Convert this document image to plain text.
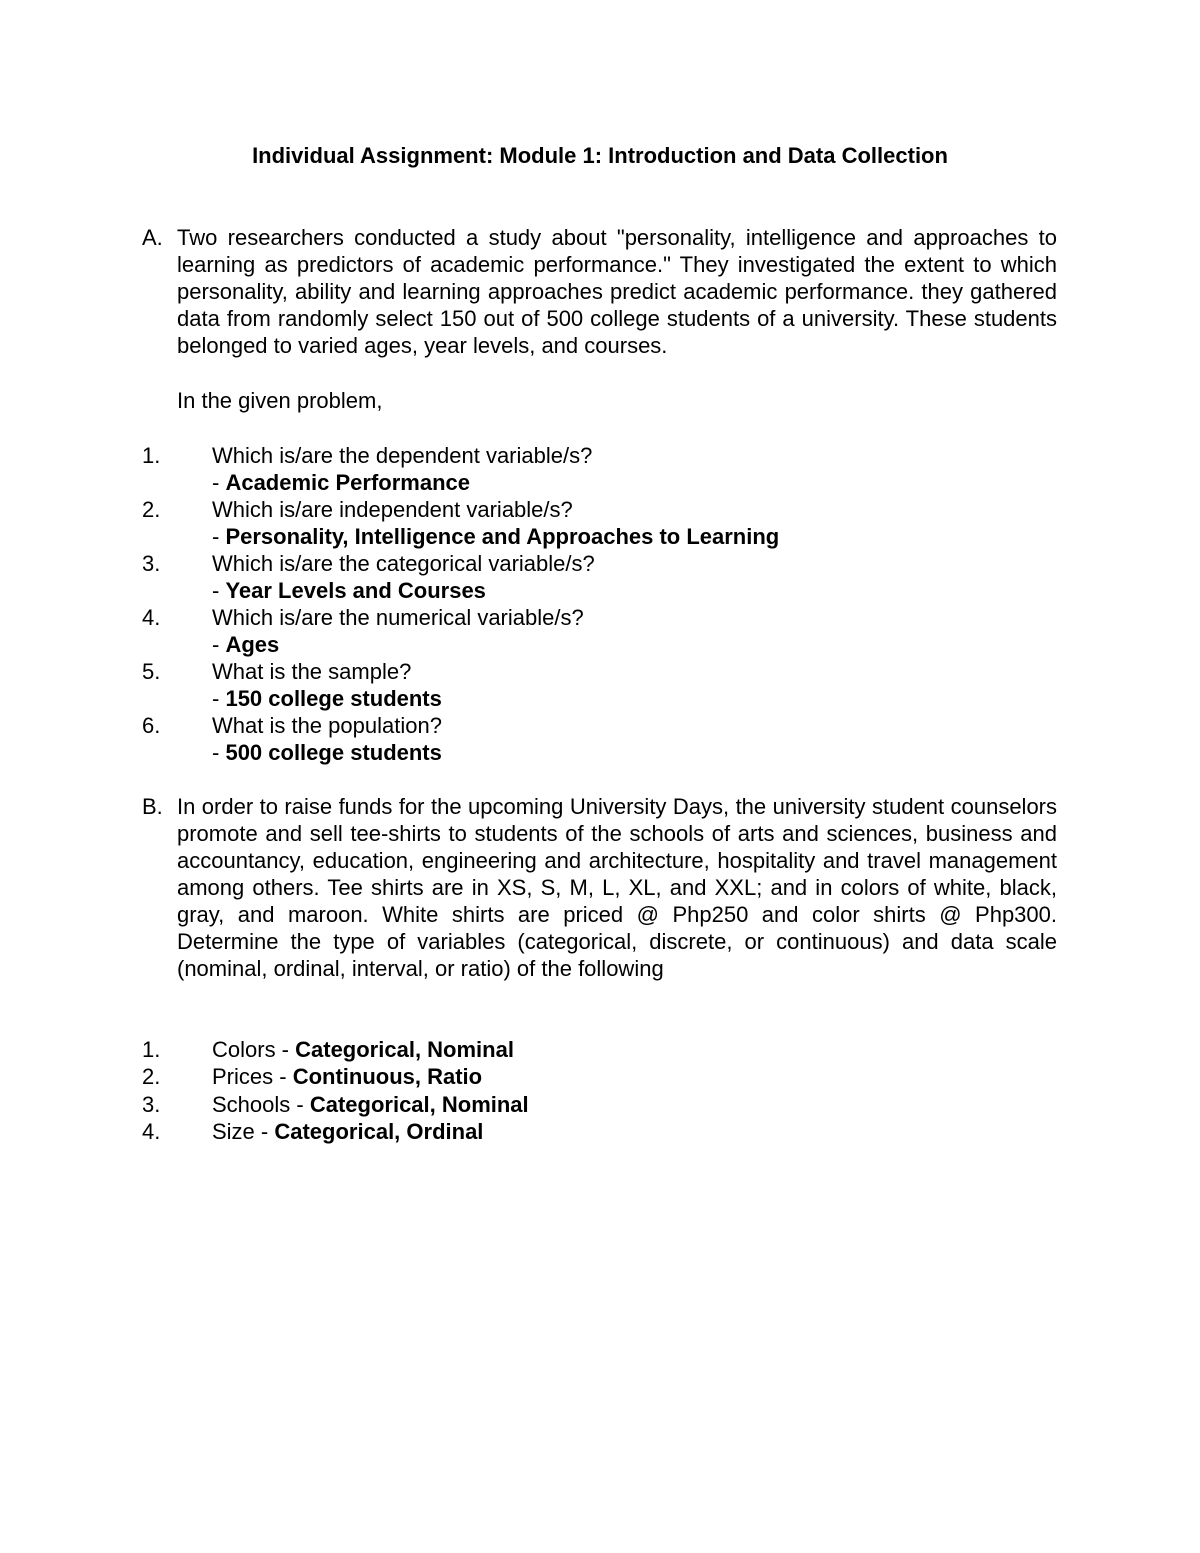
Individual Assignment: Module 1: Introduction and Data Collection
A. Two researchers conducted a study about "personality, intelligence and approaches to learning as predictors of academic performance." They investigated the extent to which personality, ability and learning approaches predict academic performance. they gathered data from randomly select 150 out of 500 college students of a university. These students belonged to varied ages, year levels, and courses.
In the given problem,
1. Which is/are the dependent variable/s?
- Academic Performance
2. Which is/are independent variable/s?
- Personality, Intelligence and Approaches to Learning
3. Which is/are the categorical variable/s?
- Year Levels and Courses
4. Which is/are the numerical variable/s?
- Ages
5. What is the sample?
- 150 college students
6. What is the population?
- 500 college students
B. In order to raise funds for the upcoming University Days, the university student counselors promote and sell tee-shirts to students of the schools of arts and sciences, business and accountancy, education, engineering and architecture, hospitality and travel management among others. Tee shirts are in XS, S, M, L, XL, and XXL; and in colors of white, black, gray, and maroon. White shirts are priced @ Php250 and color shirts @ Php300. Determine the type of variables (categorical, discrete, or continuous) and data scale (nominal, ordinal, interval, or ratio) of the following
1. Colors - Categorical, Nominal
2. Prices - Continuous, Ratio
3. Schools - Categorical, Nominal
4. Size - Categorical, Ordinal
